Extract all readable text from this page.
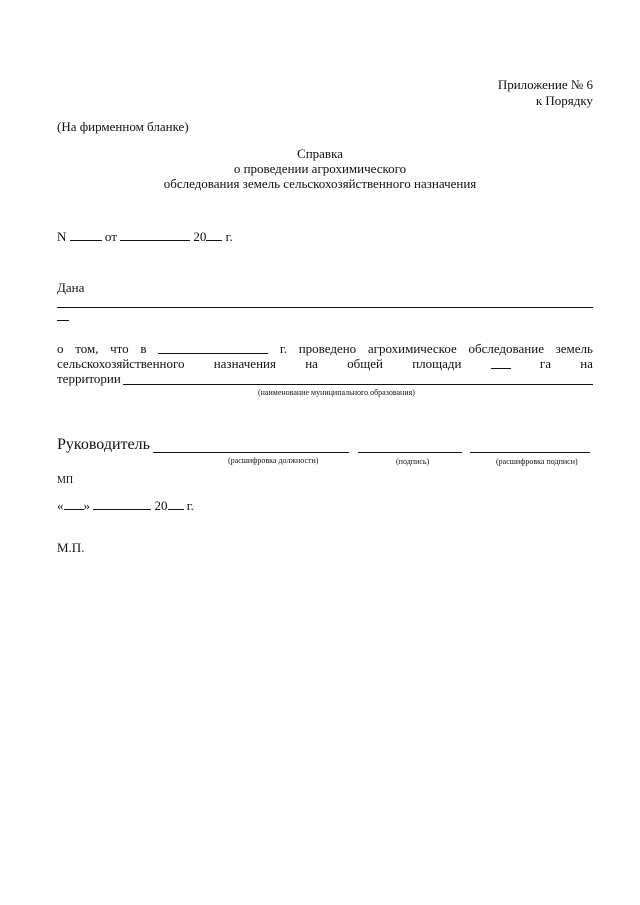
Приложение № 6
к Порядку
(На фирменном бланке)
Справка
о проведении агрохимического
обследования земель сельскохозяйственного назначения
N	от	20 г.
Дана
о том, что в	г. проведено агрохимическое обследование земель
сельскохозяйственного назначения на общей площади	га на
территории
(наименование муниципального образования)
Руководитель
(расшифровка должности)	(подпись)	(расшифровка подписи)
МП
« »	20 г.
М.П.
